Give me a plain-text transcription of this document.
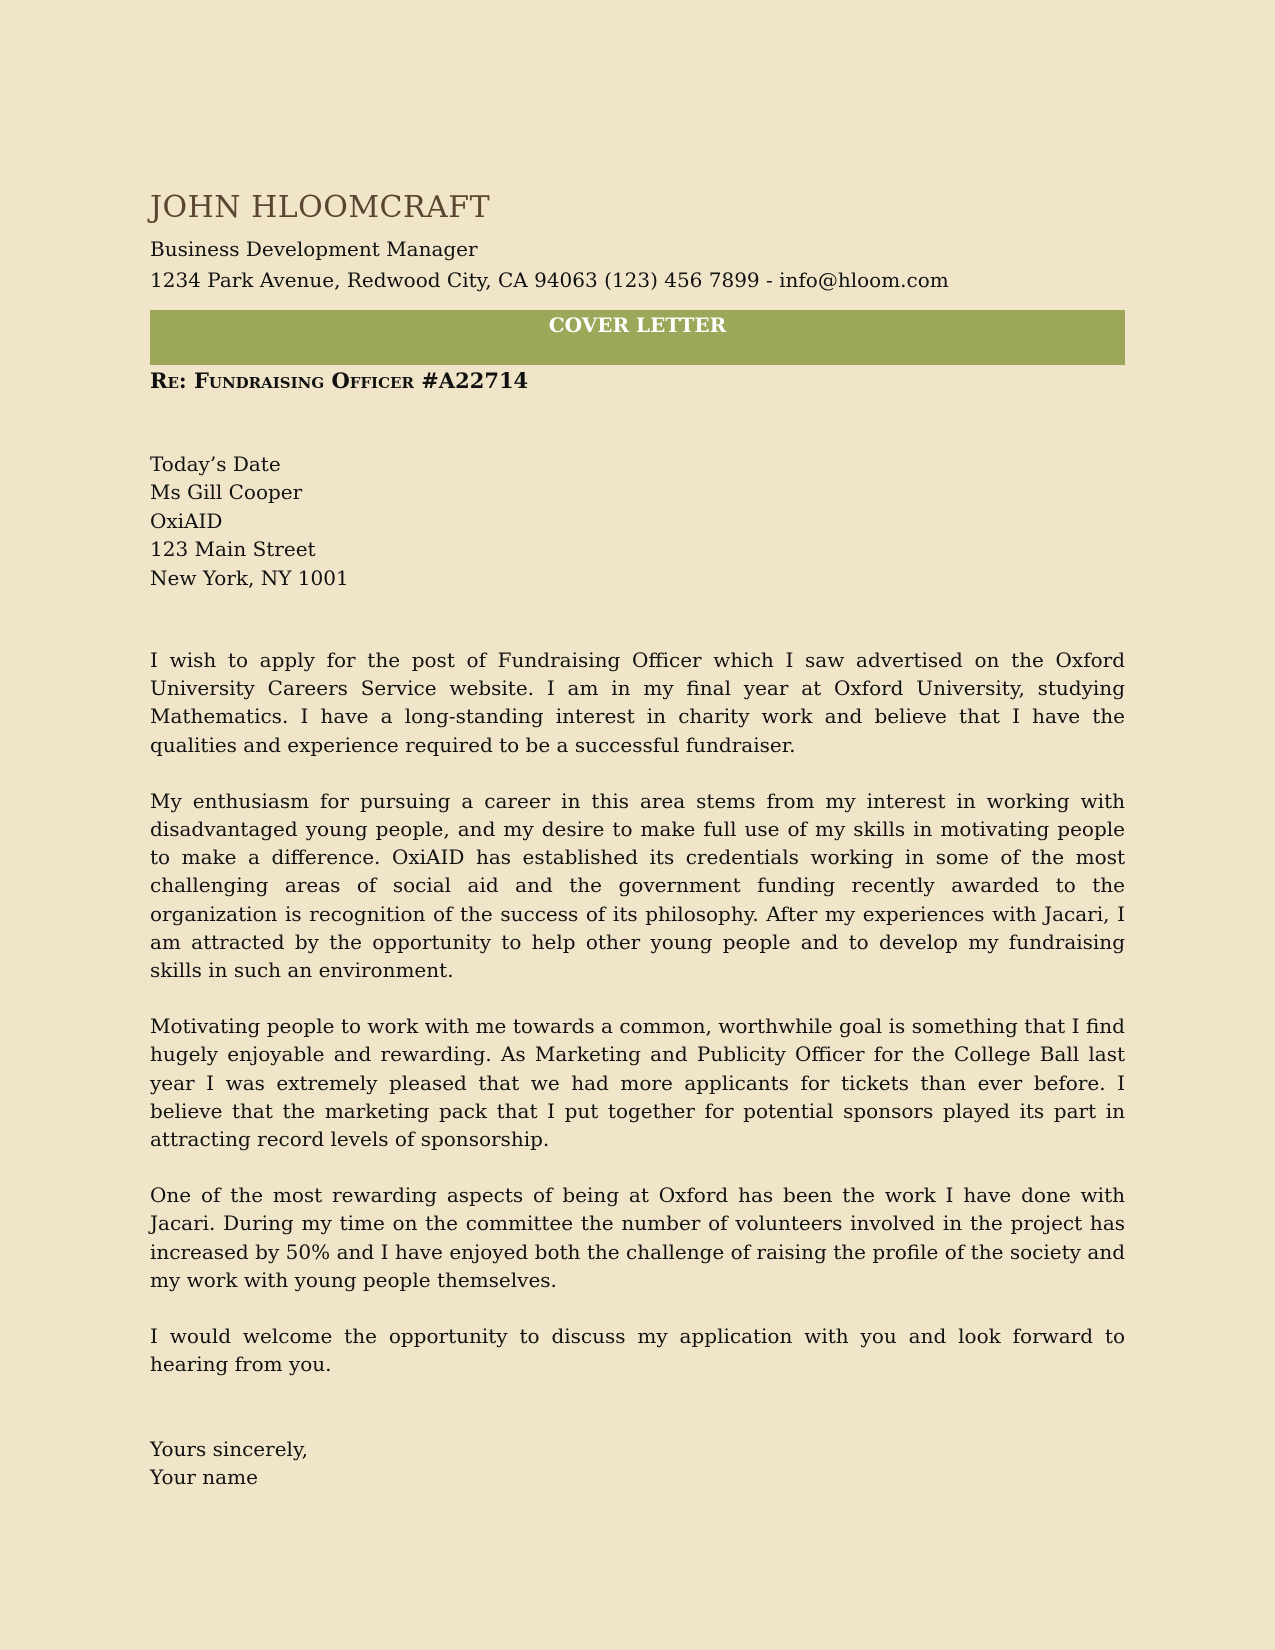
JOHN HLOOMCRAFT
Business Development Manager
1234 Park Avenue, Redwood City, CA 94063 (123) 456 7899 - info@hloom.com
COVER LETTER
Re: Fundraising Officer #A22714
Today’s Date
Ms Gill Cooper
OxiAID
123 Main Street
New York, NY 1001

I wish to apply for the post of Fundraising Officer which I saw advertised on the Oxford University Careers Service website. I am in my final year at Oxford University, studying Mathematics. I have a long-standing interest in charity work and believe that I have the qualities and experience required to be a successful fundraiser.

My enthusiasm for pursuing a career in this area stems from my interest in working with disadvantaged young people, and my desire to make full use of my skills in motivating people to make a difference. OxiAID has established its credentials working in some of the most challenging areas of social aid and the government funding recently awarded to the organization is recognition of the success of its philosophy. After my experiences with Jacari, I am attracted by the opportunity to help other young people and to develop my fundraising skills in such an environment.

Motivating people to work with me towards a common, worthwhile goal is something that I find hugely enjoyable and rewarding. As Marketing and Publicity Officer for the College Ball last year I was extremely pleased that we had more applicants for tickets than ever before. I believe that the marketing pack that I put together for potential sponsors played its part in attracting record levels of sponsorship.

One of the most rewarding aspects of being at Oxford has been the work I have done with Jacari. During my time on the committee the number of volunteers involved in the project has increased by 50% and I have enjoyed both the challenge of raising the profile of the society and my work with young people themselves.

I would welcome the opportunity to discuss my application with you and look forward to hearing from you.

Yours sincerely,
Your name
